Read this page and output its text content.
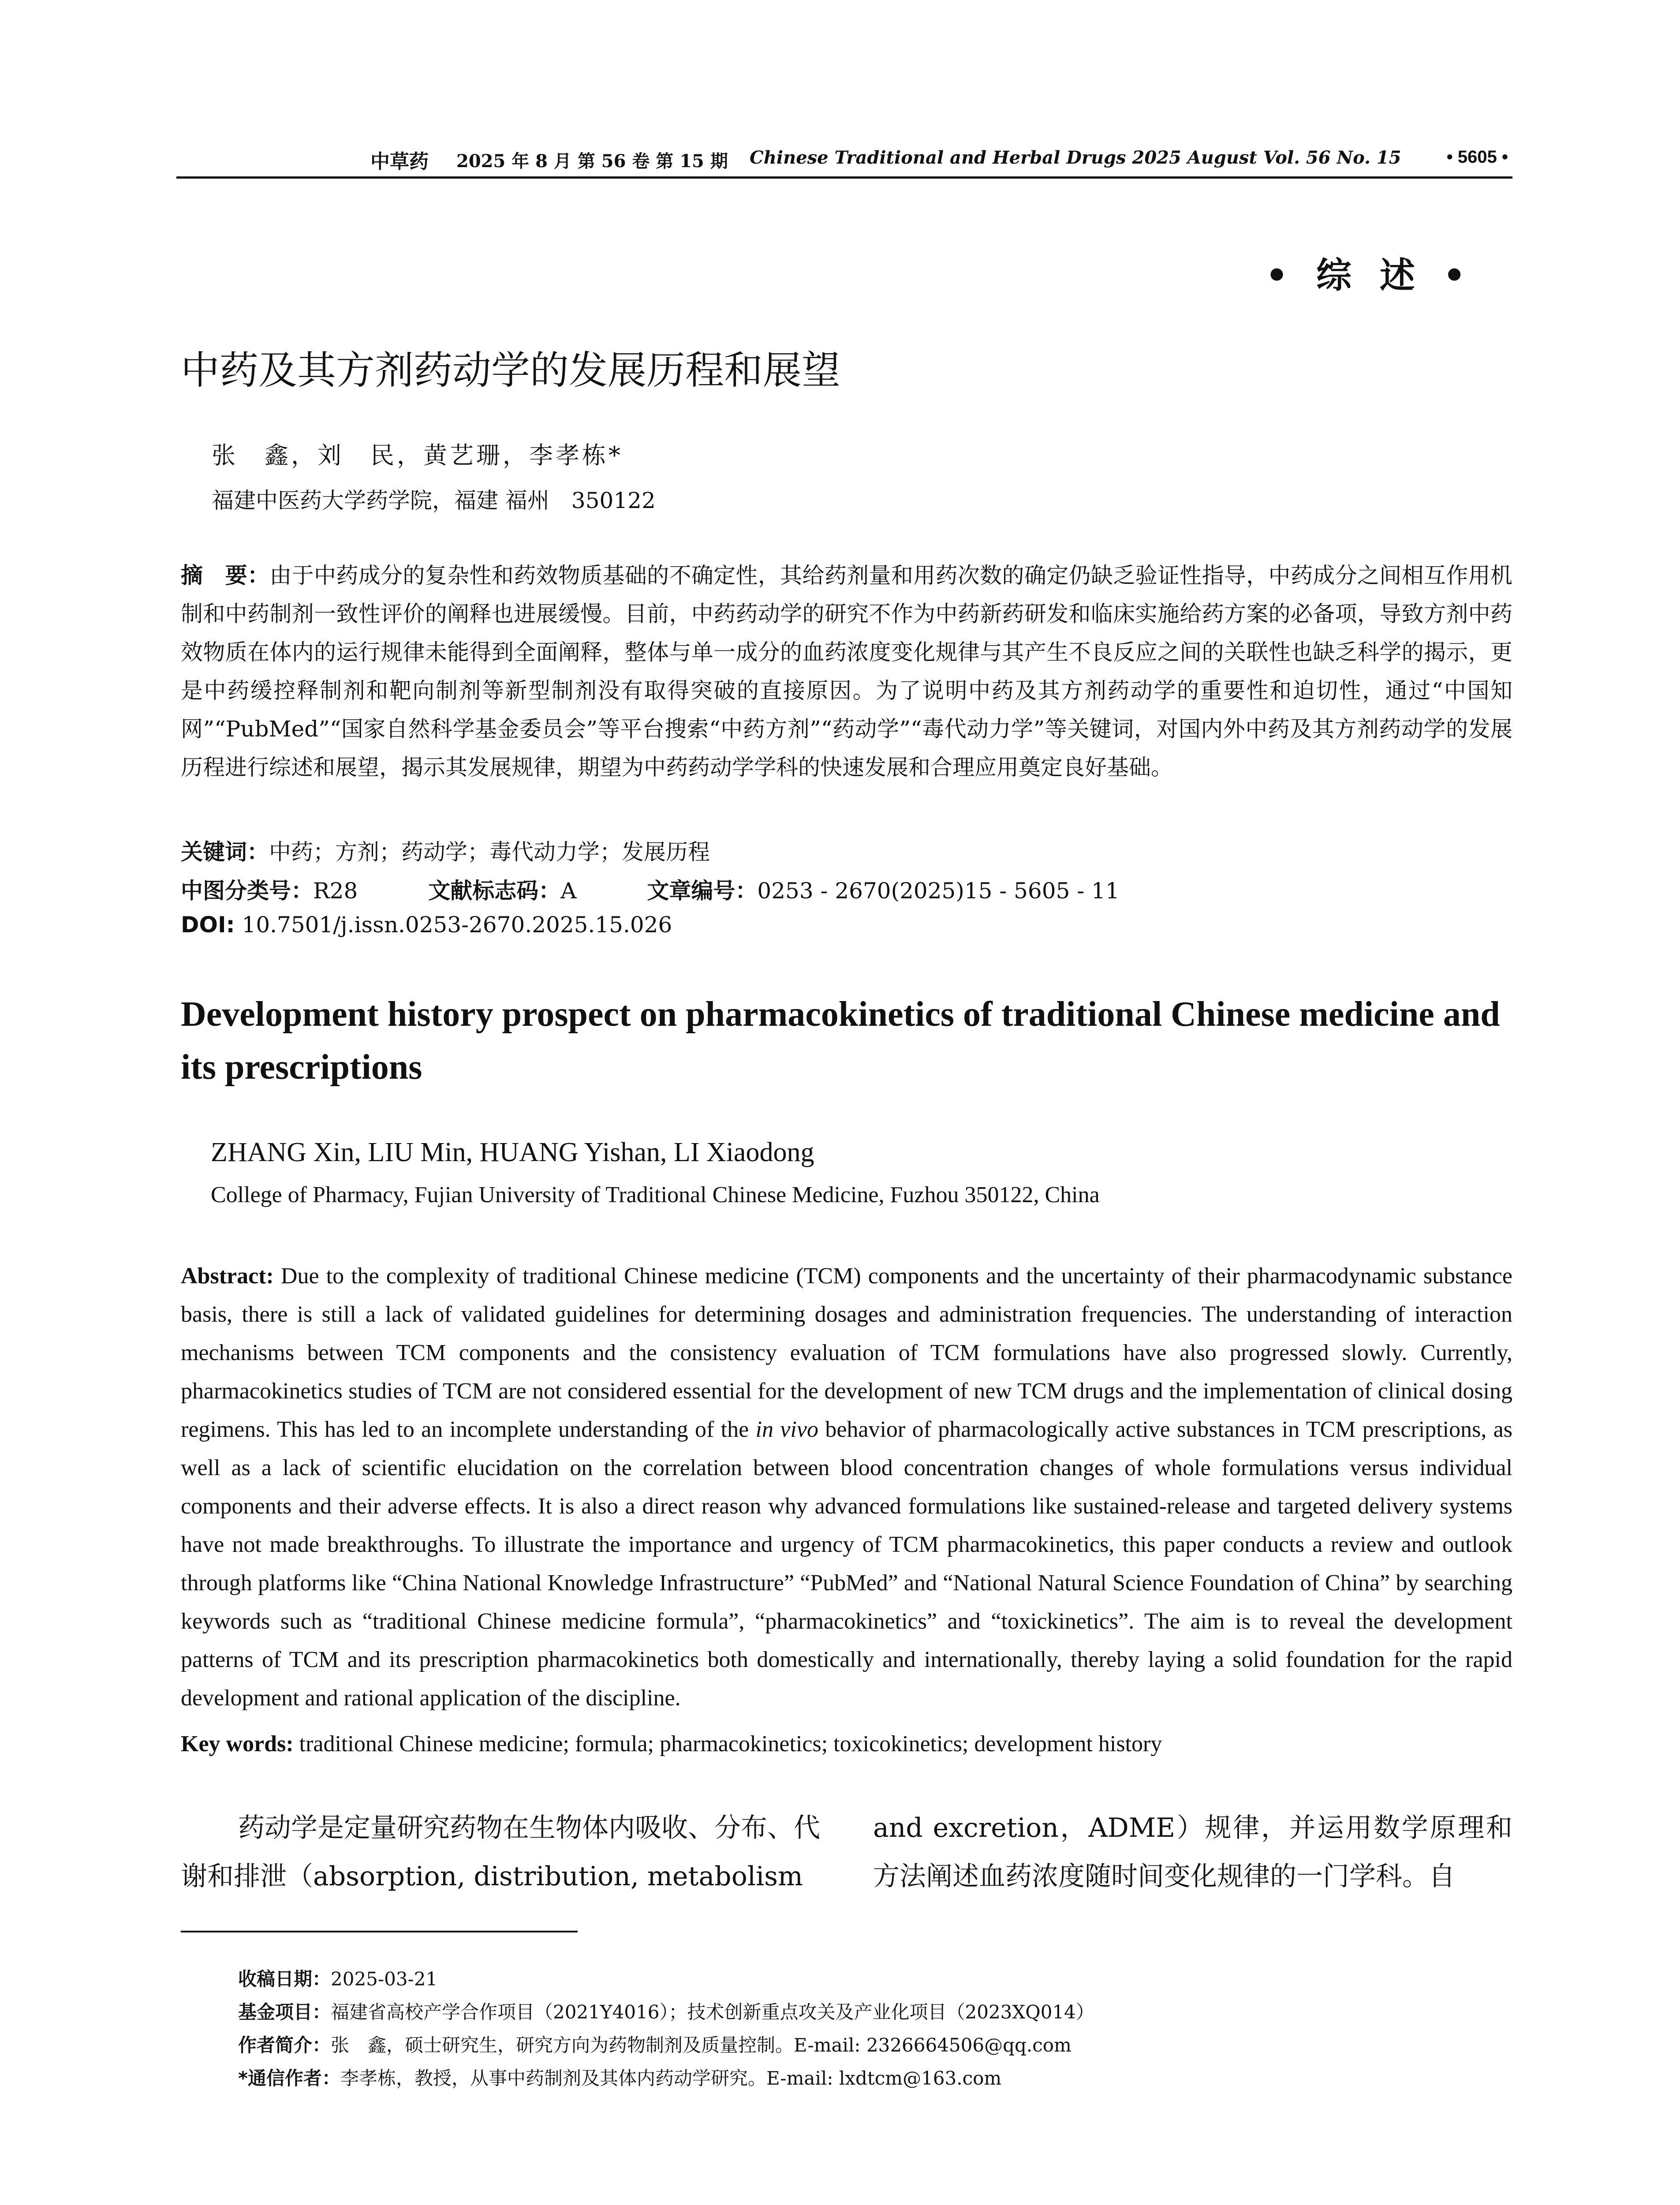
中草药 2025 年 8 月 第 56 卷 第 15 期 Chinese Traditional and Herbal Drugs 2025 August Vol. 56 No. 15	• 5605 •
• 综 述 •
中药及其方剂药动学的发展历程和展望
张　鑫，刘　民，黄艺珊，李孝栋*
福建中医药大学药学院，福建 福州　350122
摘　要：由于中药成分的复杂性和药效物质基础的不确定性，其给药剂量和用药次数的确定仍缺乏验证性指导，中药成分之间相互作用机制和中药制剂一致性评价的阐释也进展缓慢。目前，中药药动学的研究不作为中药新药研发和临床实施给药方案的必备项，导致方剂中药效物质在体内的运行规律未能得到全面阐释，整体与单一成分的血药浓度变化规律与其产生不良反应之间的关联性也缺乏科学的揭示，更是中药缓控释制剂和靶向制剂等新型制剂没有取得突破的直接原因。为了说明中药及其方剂药动学的重要性和迫切性，通过“中国知网”“PubMed”“国家自然科学基金委员会”等平台搜索“中药方剂”“药动学”“毒代动力学”等关键词，对国内外中药及其方剂药动学的发展历程进行综述和展望，揭示其发展规律，期望为中药药动学学科的快速发展和合理应用奠定良好基础。
关键词：中药；方剂；药动学；毒代动力学；发展历程
中图分类号：R28	文献标志码：A	文章编号：0253 - 2670(2025)15 - 5605 - 11
DOI: 10.7501/j.issn.0253-2670.2025.15.026
Development history prospect on pharmacokinetics of traditional Chinese medicine and its prescriptions
ZHANG Xin, LIU Min, HUANG Yishan, LI Xiaodong
College of Pharmacy, Fujian University of Traditional Chinese Medicine, Fuzhou 350122, China
Abstract: Due to the complexity of traditional Chinese medicine (TCM) components and the uncertainty of their pharmacodynamic substance basis, there is still a lack of validated guidelines for determining dosages and administration frequencies. The understanding of interaction mechanisms between TCM components and the consistency evaluation of TCM formulations have also progressed slowly. Currently, pharmacokinetics studies of TCM are not considered essential for the development of new TCM drugs and the implementation of clinical dosing regimens. This has led to an incomplete understanding of the in vivo behavior of pharmacologically active substances in TCM prescriptions, as well as a lack of scientific elucidation on the correlation between blood concentration changes of whole formulations versus individual components and their adverse effects. It is also a direct reason why advanced formulations like sustained-release and targeted delivery systems have not made breakthroughs. To illustrate the importance and urgency of TCM pharmacokinetics, this paper conducts a review and outlook through platforms like “China National Knowledge Infrastructure” “PubMed” and “National Natural Science Foundation of China” by searching keywords such as “traditional Chinese medicine formula”, “pharmacokinetics” and “toxickinetics”. The aim is to reveal the development patterns of TCM and its prescription pharmacokinetics both domestically and internationally, thereby laying a solid foundation for the rapid development and rational application of the discipline.
Key words: traditional Chinese medicine; formula; pharmacokinetics; toxicokinetics; development history
药动学是定量研究药物在生物体内吸收、分布、代谢和排泄（absorption, distribution, metabolism
and excretion，ADME）规律，并运用数学原理和方法阐述血药浓度随时间变化规律的一门学科。自
收稿日期：2025-03-21
基金项目：福建省高校产学合作项目（2021Y4016）；技术创新重点攻关及产业化项目（2023XQ014）
作者简介：张　鑫，硕士研究生，研究方向为药物制剂及质量控制。E-mail: 2326664506@qq.com
*通信作者：李孝栋，教授，从事中药制剂及其体内药动学研究。E-mail: lxdtcm@163.com
